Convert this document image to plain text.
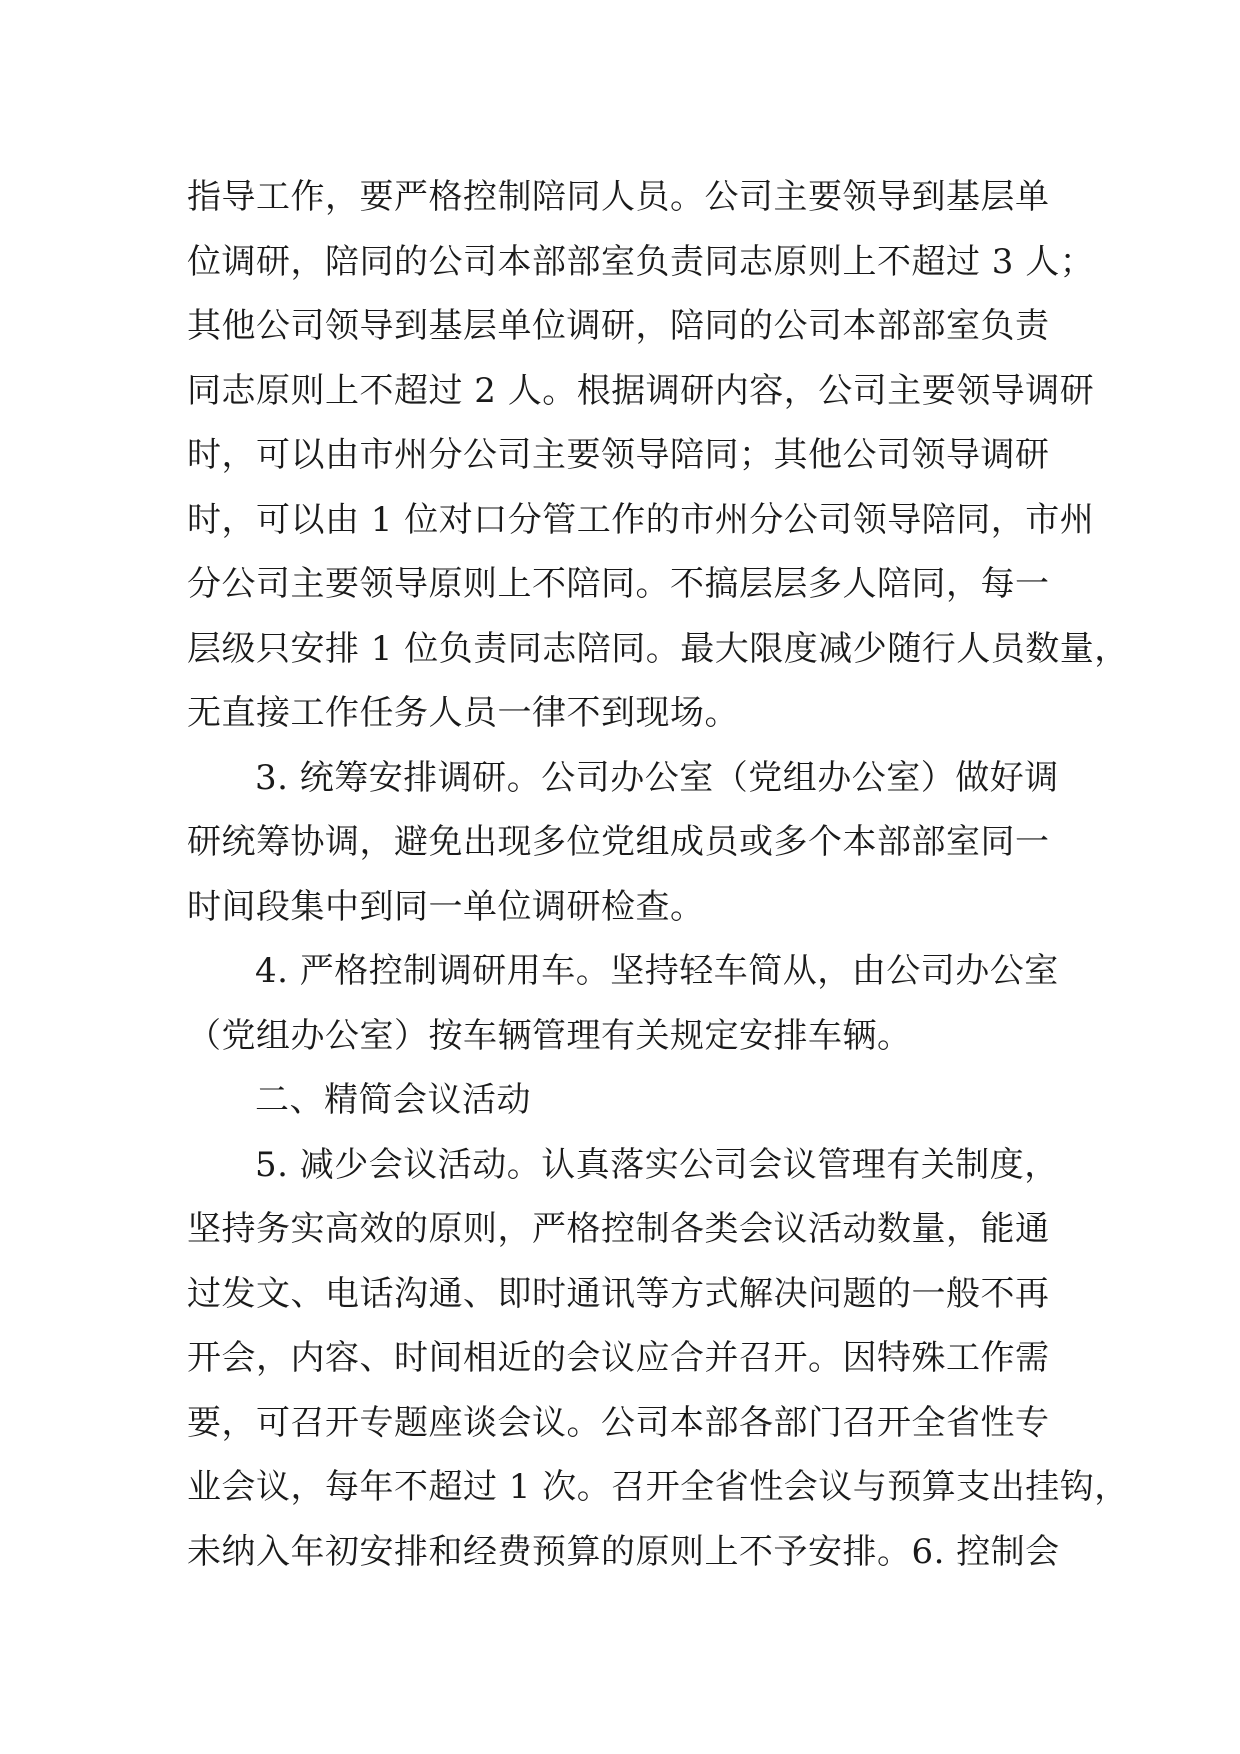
指导工作，要严格控制陪同人员。公司主要领导到基层单
位调研，陪同的公司本部部室负责同志原则上不超过 3 人；
其他公司领导到基层单位调研，陪同的公司本部部室负责
同志原则上不超过 2 人。根据调研内容，公司主要领导调研
时，可以由市州分公司主要领导陪同；其他公司领导调研
时，可以由 1 位对口分管工作的市州分公司领导陪同，市州
分公司主要领导原则上不陪同。不搞层层多人陪同，每一
层级只安排 1 位负责同志陪同。最大限度减少随行人员数量，
无直接工作任务人员一律不到现场。
3. 统筹安排调研。公司办公室（党组办公室）做好调
研统筹协调，避免出现多位党组成员或多个本部部室同一
时间段集中到同一单位调研检查。
4. 严格控制调研用车。坚持轻车简从，由公司办公室
（党组办公室）按车辆管理有关规定安排车辆。
二、精简会议活动
5. 减少会议活动。认真落实公司会议管理有关制度，
坚持务实高效的原则，严格控制各类会议活动数量，能通
过发文、电话沟通、即时通讯等方式解决问题的一般不再
开会，内容、时间相近的会议应合并召开。因特殊工作需
要，可召开专题座谈会议。公司本部各部门召开全省性专
业会议，每年不超过 1 次。召开全省性会议与预算支出挂钩，
未纳入年初安排和经费预算的原则上不予安排。6. 控制会
